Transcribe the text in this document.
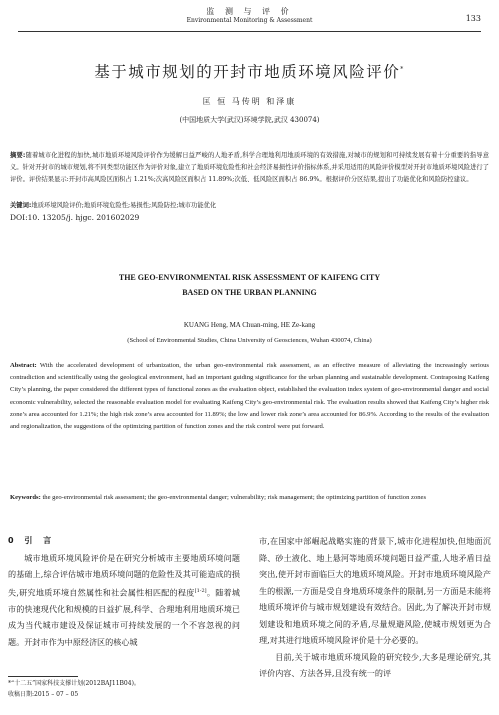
监 测 与 评 价
Environmental Monitoring & Assessment	133
基于城市规划的开封市地质环境风险评价*
匡 恒 马传明 和泽康
(中国地质大学(武汉)环境学院,武汉 430074)
摘要:随着城市化进程的加快,城市地质环境风险评价作为缓解日益严峻的人地矛盾,科学合理地利用地质环境的有效措施,对城市的规划和可持续发展有着十分重要的指导意义。针对开封市的城市规划,将不同类型功能区作为评价对象,建立了地质环境危险性和社会经济易损性评价指标体系,并采用适用的风险评价模型对开封市地质环境风险进行了评价。评价结果显示:开封市高风险区面积占 1.21%;次高风险区面积占 11.89%;次低、低风险区面积占 86.9%。根据评价分区结果,提出了功能优化和风险防控建议。
关键词:地质环境风险评价;地质环境危险性;易损性;风险防控;城市功能优化
DOI:10. 13205/j. hjgc. 201602029
THE GEO-ENVIRONMENTAL RISK ASSESSMENT OF KAIFENG CITY
BASED ON THE URBAN PLANNING
KUANG Heng, MA Chuan-ming, HE Ze-kang
(School of Environmental Studies, China University of Geosciences, Wuhan 430074, China)
Abstract: With the accelerated development of urbanization, the urban geo-environmental risk assessment, as an effective measure of alleviating the increasingly serious contradiction and scientifically using the geological environment, had an important guiding significance for the urban planning and sustainable development. Contraposing Kaifeng City’s planning, the paper considered the different types of functional zones as the evaluation object, established the evaluation index system of geo-environmental danger and social economic vulnerability, selected the reasonable evaluation model for evaluating Kaifeng City’s geo-environmental risk. The evaluation results showed that Kaifeng City’s higher risk zone’s area accounted for 1.21%; the high risk zone’s area accounted for 11.89%; the low and lower risk zone’s area accounted for 86.9%. According to the results of the evaluation and regionalization, the suggestions of the optimizing partition of function zones and the risk control were put forward.
Keywords: the geo-environmental risk assessment; the geo-environmental danger; vulnerability; risk management; the optimizing partition of function zones
0 引 言

城市地质环境风险评价是在研究分析城市主要地质环境问题的基础上,综合评估城市地质环境问题的危险性及其可能造成的损失,研究地质环境自然属性和社会属性相匹配的程度[1-2]。随着城市的快速现代化和规模的日益扩展,科学、合理地利用地质环境已成为当代城市建设及保证城市可持续发展的一个不容忽视的问题。开封市作为中原经济区的核心城

市,在国家中部崛起战略实施的背景下,城市化进程加快,但地面沉降、砂土液化、地上悬河等地质环境问题日益严重,人地矛盾日益突出,使开封市面临巨大的地质环境风险。开封市地质环境风险产生的根源,一方面是受自身地质环境条件的限制,另一方面是未能将地质环境评价与城市规划建设有效结合。因此,为了解决开封市规划建设和地质环境之间的矛盾,尽量规避风险,使城市规划更为合理,对其进行地质环境风险评价是十分必要的。

目前,关于城市地质环境风险的研究较少,大多是理论研究,其评价内容、方法各异,且没有统一的评

*“十二五”国家科技支撑计划(2012BAJ11B04)。
收稿日期:2015 – 07 – 05
